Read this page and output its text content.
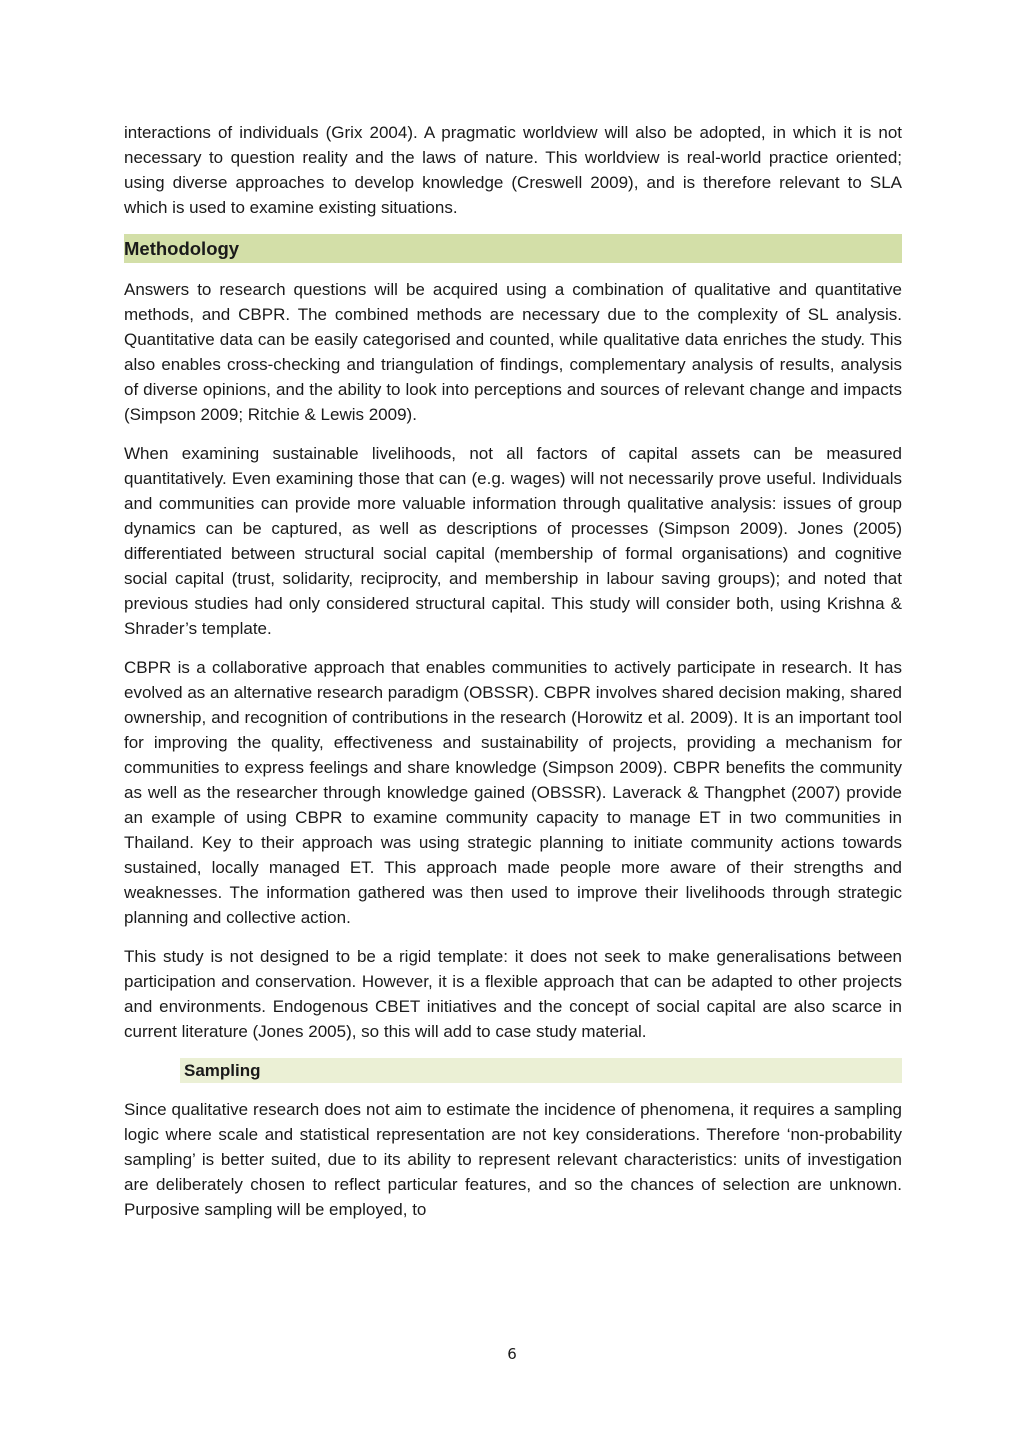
interactions of individuals (Grix 2004). A pragmatic worldview will also be adopted, in which it is not necessary to question reality and the laws of nature. This worldview is real-world practice oriented; using diverse approaches to develop knowledge (Creswell 2009), and is therefore relevant to SLA which is used to examine existing situations.

Methodology

Answers to research questions will be acquired using a combination of qualitative and quantitative methods, and CBPR. The combined methods are necessary due to the complexity of SL analysis. Quantitative data can be easily categorised and counted, while qualitative data enriches the study. This also enables cross-checking and triangulation of findings, complementary analysis of results, analysis of diverse opinions, and the ability to look into perceptions and sources of relevant change and impacts (Simpson 2009; Ritchie & Lewis 2009).

When examining sustainable livelihoods, not all factors of capital assets can be measured quantitatively. Even examining those that can (e.g. wages) will not necessarily prove useful. Individuals and communities can provide more valuable information through qualitative analysis: issues of group dynamics can be captured, as well as descriptions of processes (Simpson 2009). Jones (2005) differentiated between structural social capital (membership of formal organisations) and cognitive social capital (trust, solidarity, reciprocity, and membership in labour saving groups); and noted that previous studies had only considered structural capital. This study will consider both, using Krishna & Shrader’s template.

CBPR is a collaborative approach that enables communities to actively participate in research. It has evolved as an alternative research paradigm (OBSSR). CBPR involves shared decision making, shared ownership, and recognition of contributions in the research (Horowitz et al. 2009). It is an important tool for improving the quality, effectiveness and sustainability of projects, providing a mechanism for communities to express feelings and share knowledge (Simpson 2009). CBPR benefits the community as well as the researcher through knowledge gained (OBSSR). Laverack & Thangphet (2007) provide an example of using CBPR to examine community capacity to manage ET in two communities in Thailand. Key to their approach was using strategic planning to initiate community actions towards sustained, locally managed ET. This approach made people more aware of their strengths and weaknesses. The information gathered was then used to improve their livelihoods through strategic planning and collective action.

This study is not designed to be a rigid template: it does not seek to make generalisations between participation and conservation. However, it is a flexible approach that can be adapted to other projects and environments. Endogenous CBET initiatives and the concept of social capital are also scarce in current literature (Jones 2005), so this will add to case study material.

Sampling

Since qualitative research does not aim to estimate the incidence of phenomena, it requires a sampling logic where scale and statistical representation are not key considerations. Therefore ‘non-probability sampling’ is better suited, due to its ability to represent relevant characteristics: units of investigation are deliberately chosen to reflect particular features, and so the chances of selection are unknown. Purposive sampling will be employed, to

6
